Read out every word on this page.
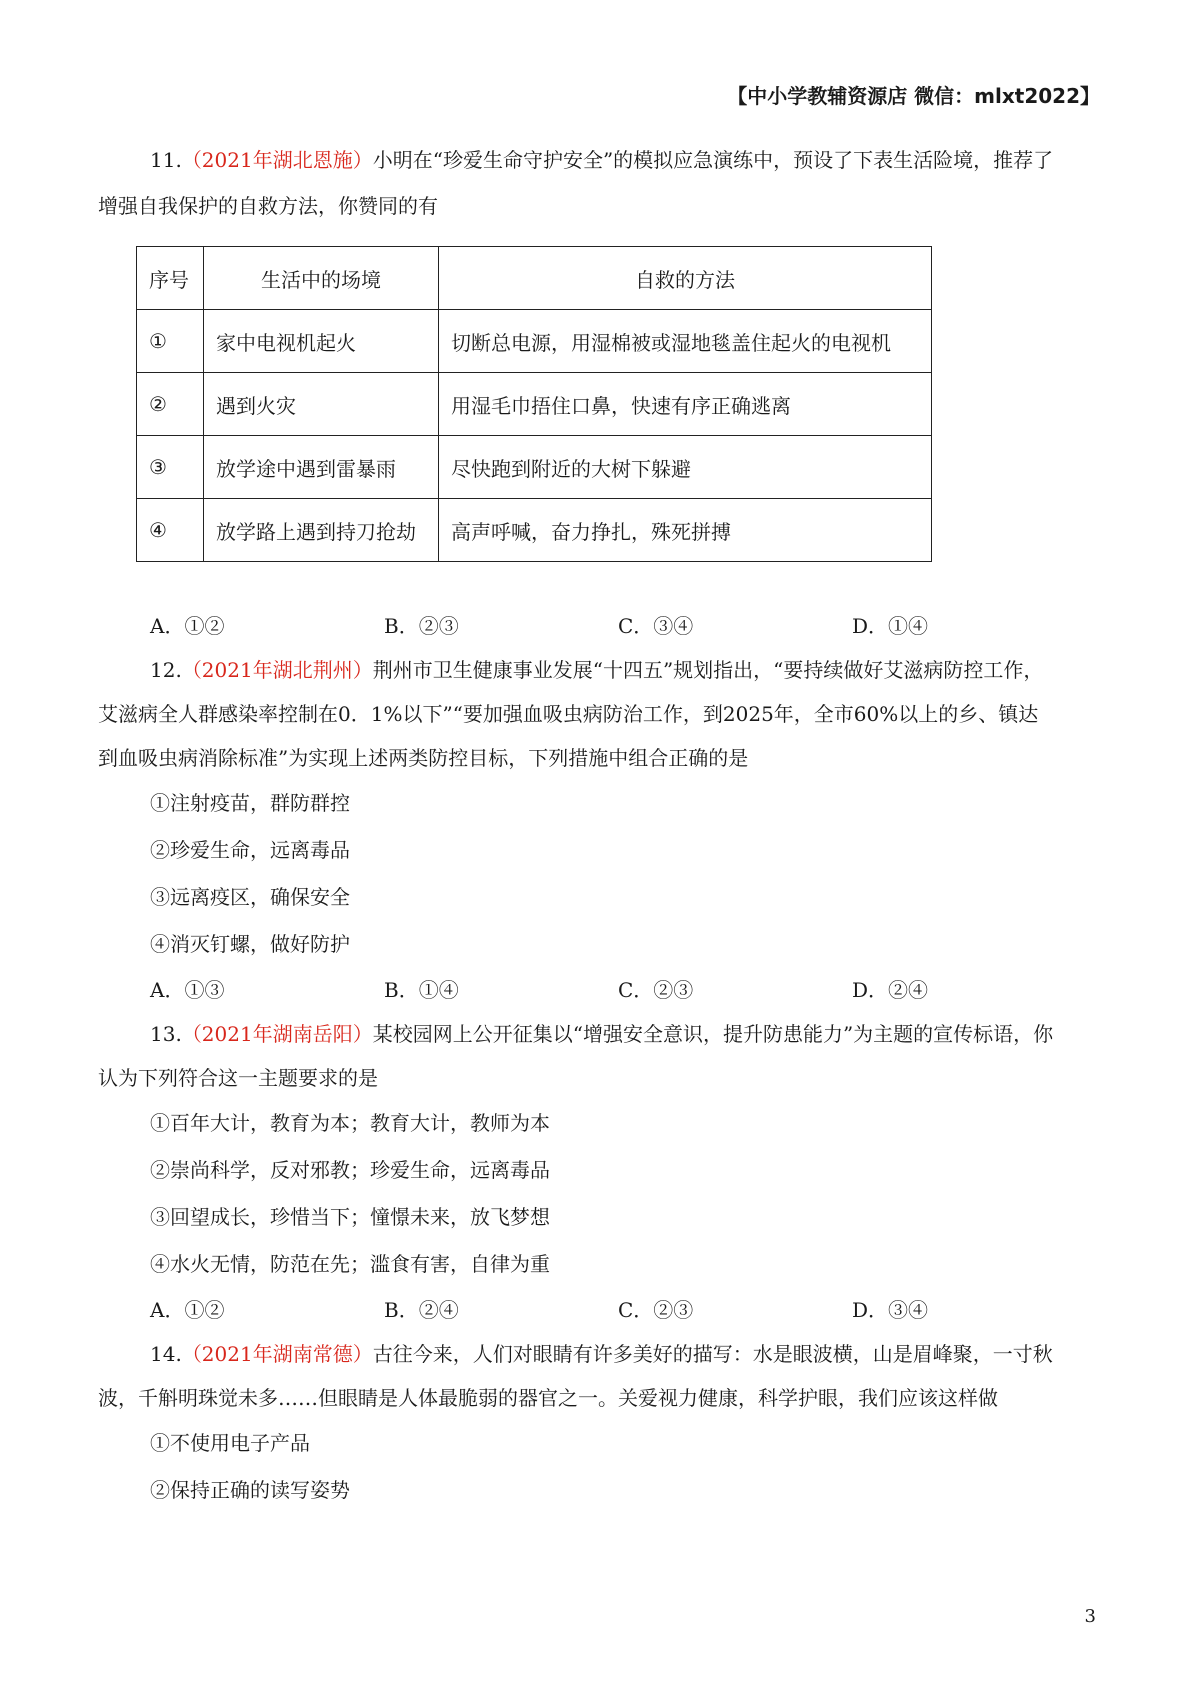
【中小学教辅资源店 微信：mlxt2022】
11.（2021年湖北恩施）小明在“珍爱生命守护安全”的模拟应急演练中，预设了下表生活险境，推荐了
增强自我保护的自救方法，你赞同的有
序号	生活中的场境	自救的方法
①	家中电视机起火	切断总电源，用湿棉被或湿地毯盖住起火的电视机
②	遇到火灾	用湿毛巾捂住口鼻，快速有序正确逃离
③	放学途中遇到雷暴雨	尽快跑到附近的大树下躲避
④	放学路上遇到持刀抢劫	高声呼喊，奋力挣扎，殊死拼搏
A．①②	B．②③	C．③④	D．①④
12.（2021年湖北荆州）荆州市卫生健康事业发展“十四五”规划指出，“要持续做好艾滋病防控工作，
艾滋病全人群感染率控制在0．1%以下”“要加强血吸虫病防治工作，到2025年，全市60%以上的乡、镇达
到血吸虫病消除标准”为实现上述两类防控目标，下列措施中组合正确的是
①注射疫苗，群防群控
②珍爱生命，远离毒品
③远离疫区，确保安全
④消灭钉螺，做好防护
A．①③	B．①④	C．②③	D．②④
13.（2021年湖南岳阳）某校园网上公开征集以“增强安全意识，提升防患能力”为主题的宣传标语，你
认为下列符合这一主题要求的是
①百年大计，教育为本；教育大计，教师为本
②崇尚科学，反对邪教；珍爱生命，远离毒品
③回望成长，珍惜当下；憧憬未来，放飞梦想
④水火无情，防范在先；滥食有害，自律为重
A．①②	B．②④	C．②③	D．③④
14.（2021年湖南常德）古往今来，人们对眼睛有许多美好的描写：水是眼波横，山是眉峰聚，一寸秋
波，千斛明珠觉未多……但眼睛是人体最脆弱的器官之一。关爱视力健康，科学护眼，我们应该这样做
①不使用电子产品
②保持正确的读写姿势
3
